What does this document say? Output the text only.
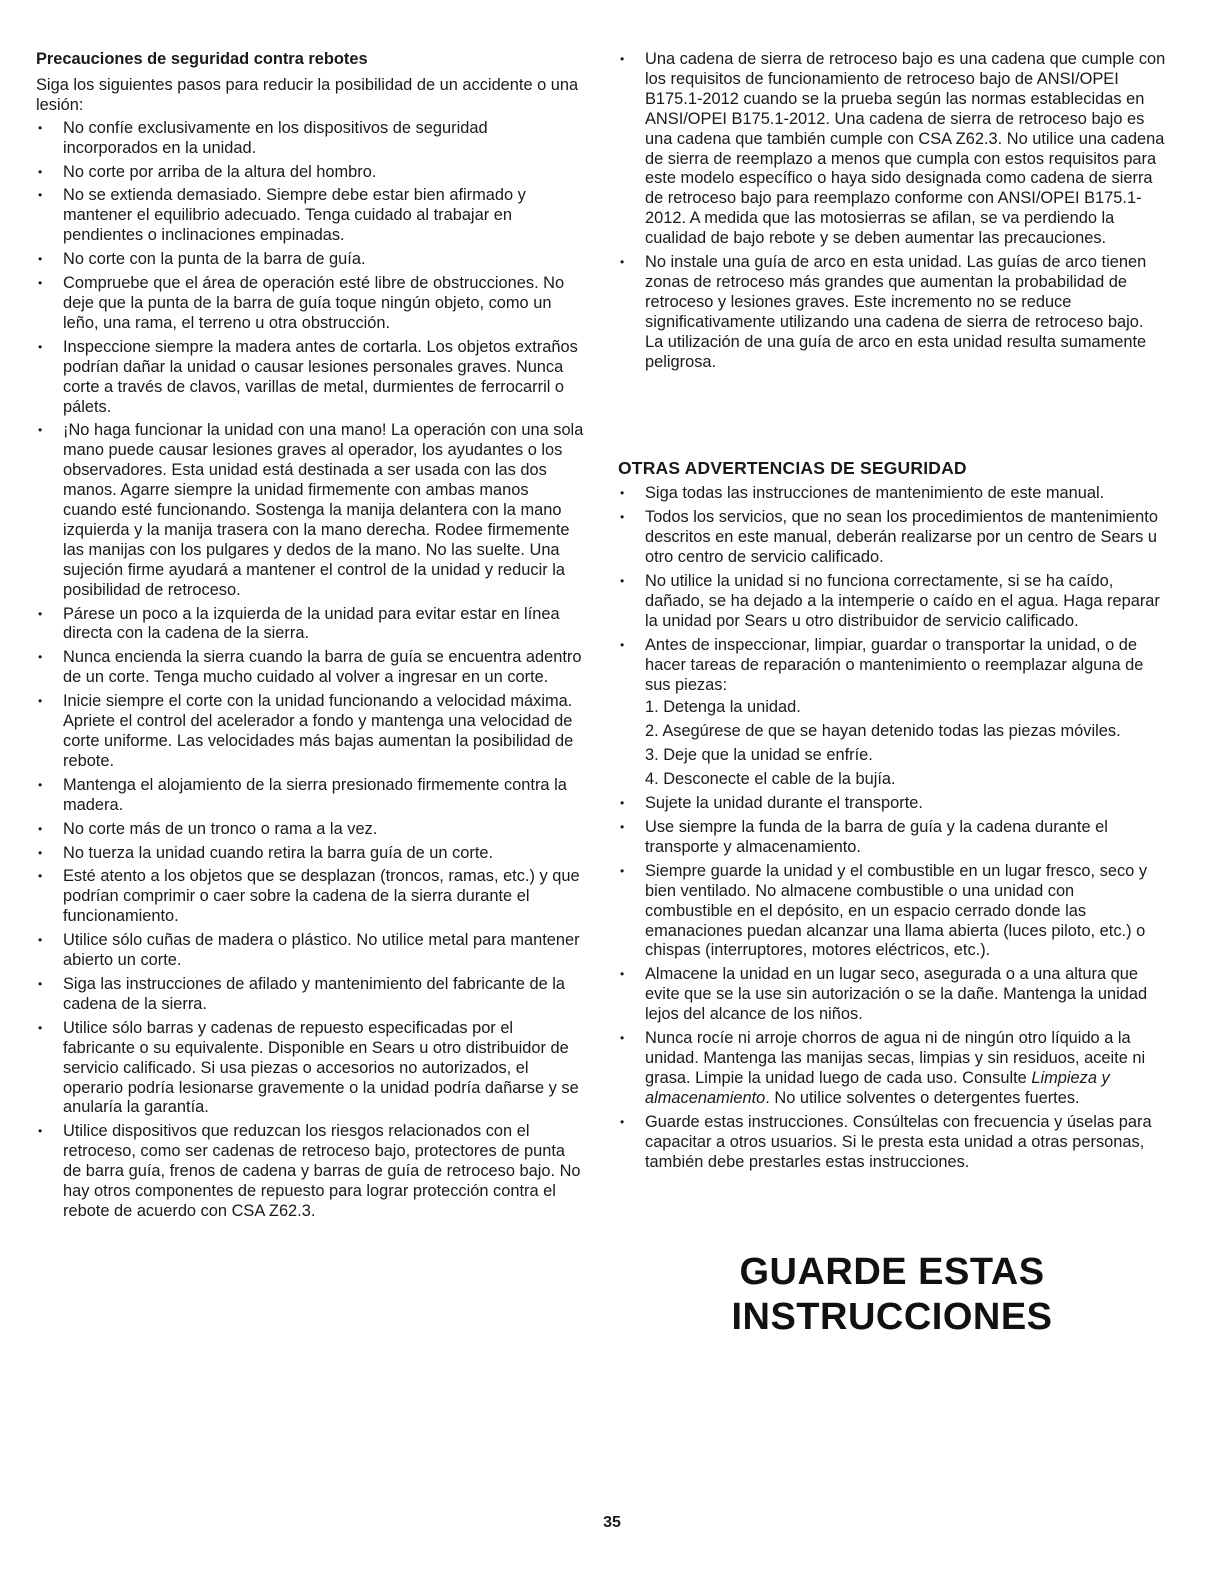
Precauciones de seguridad contra rebotes
Siga los siguientes pasos para reducir la posibilidad de un accidente o una lesión:
• No confíe exclusivamente en los dispositivos de seguridad incorporados en la unidad.
• No corte por arriba de la altura del hombro.
• No se extienda demasiado. Siempre debe estar bien afirmado y mantener el equilibrio adecuado. Tenga cuidado al trabajar en pendientes o inclinaciones empinadas.
• No corte con la punta de la barra de guía.
• Compruebe que el área de operación esté libre de obstrucciones. No deje que la punta de la barra de guía toque ningún objeto, como un leño, una rama, el terreno u otra obstrucción.
• Inspeccione siempre la madera antes de cortarla. Los objetos extraños podrían dañar la unidad o causar lesiones personales graves. Nunca corte a través de clavos, varillas de metal, durmientes de ferrocarril o pálets.
• ¡No haga funcionar la unidad con una mano! La operación con una sola mano puede causar lesiones graves al operador, los ayudantes o los observadores. Esta unidad está destinada a ser usada con las dos manos. Agarre siempre la unidad firmemente con ambas manos cuando esté funcionando. Sostenga la manija delantera con la mano izquierda y la manija trasera con la mano derecha. Rodee firmemente las manijas con los pulgares y dedos de la mano. No las suelte. Una sujeción firme ayudará a mantener el control de la unidad y reducir la posibilidad de retroceso.
• Párese un poco a la izquierda de la unidad para evitar estar en línea directa con la cadena de la sierra.
• Nunca encienda la sierra cuando la barra de guía se encuentra adentro de un corte. Tenga mucho cuidado al volver a ingresar en un corte.
• Inicie siempre el corte con la unidad funcionando a velocidad máxima. Apriete el control del acelerador a fondo y mantenga una velocidad de corte uniforme. Las velocidades más bajas aumentan la posibilidad de rebote.
• Mantenga el alojamiento de la sierra presionado firmemente contra la madera.
• No corte más de un tronco o rama a la vez.
• No tuerza la unidad cuando retira la barra guía de un corte.
• Esté atento a los objetos que se desplazan (troncos, ramas, etc.) y que podrían comprimir o caer sobre la cadena de la sierra durante el funcionamiento.
• Utilice sólo cuñas de madera o plástico. No utilice metal para mantener abierto un corte.
• Siga las instrucciones de afilado y mantenimiento del fabricante de la cadena de la sierra.
• Utilice sólo barras y cadenas de repuesto especificadas por el fabricante o su equivalente. Disponible en Sears u otro distribuidor de servicio calificado. Si usa piezas o accesorios no autorizados, el operario podría lesionarse gravemente o la unidad podría dañarse y se anularía la garantía.
• Utilice dispositivos que reduzcan los riesgos relacionados con el retroceso, como ser cadenas de retroceso bajo, protectores de punta de barra guía, frenos de cadena y barras de guía de retroceso bajo. No hay otros componentes de repuesto para lograr protección contra el rebote de acuerdo con CSA Z62.3.
• Una cadena de sierra de retroceso bajo es una cadena que cumple con los requisitos de funcionamiento de retroceso bajo de ANSI/OPEI B175.1-2012 cuando se la prueba según las normas establecidas en ANSI/OPEI B175.1-2012. Una cadena de sierra de retroceso bajo es una cadena que también cumple con CSA Z62.3. No utilice una cadena de sierra de reemplazo a menos que cumpla con estos requisitos para este modelo específico o haya sido designada como cadena de sierra de retroceso bajo para reemplazo conforme con ANSI/OPEI B175.1-2012. A medida que las motosierras se afilan, se va perdiendo la cualidad de bajo rebote y se deben aumentar las precauciones.
• No instale una guía de arco en esta unidad. Las guías de arco tienen zonas de retroceso más grandes que aumentan la probabilidad de retroceso y lesiones graves. Este incremento no se reduce significativamente utilizando una cadena de sierra de retroceso bajo. La utilización de una guía de arco en esta unidad resulta sumamente peligrosa.
OTRAS ADVERTENCIAS DE SEGURIDAD
• Siga todas las instrucciones de mantenimiento de este manual.
• Todos los servicios, que no sean los procedimientos de mantenimiento descritos en este manual, deberán realizarse por un centro de Sears u otro centro de servicio calificado.
• No utilice la unidad si no funciona correctamente, si se ha caído, dañado, se ha dejado a la intemperie o caído en el agua. Haga reparar la unidad por Sears u otro distribuidor de servicio calificado.
• Antes de inspeccionar, limpiar, guardar o transportar la unidad, o de hacer tareas de reparación o mantenimiento o reemplazar alguna de sus piezas:
1. Detenga la unidad.
2. Asegúrese de que se hayan detenido todas las piezas móviles.
3. Deje que la unidad se enfríe.
4. Desconecte el cable de la bujía.
• Sujete la unidad durante el transporte.
• Use siempre la funda de la barra de guía y la cadena durante el transporte y almacenamiento.
• Siempre guarde la unidad y el combustible en un lugar fresco, seco y bien ventilado. No almacene combustible o una unidad con combustible en el depósito, en un espacio cerrado donde las emanaciones puedan alcanzar una llama abierta (luces piloto, etc.) o chispas (interruptores, motores eléctricos, etc.).
• Almacene la unidad en un lugar seco, asegurada o a una altura que evite que se la use sin autorización o se la dañe. Mantenga la unidad lejos del alcance de los niños.
• Nunca rocíe ni arroje chorros de agua ni de ningún otro líquido a la unidad. Mantenga las manijas secas, limpias y sin residuos, aceite ni grasa. Limpie la unidad luego de cada uso. Consulte Limpieza y almacenamiento. No utilice solventes o detergentes fuertes.
• Guarde estas instrucciones. Consúltelas con frecuencia y úselas para capacitar a otros usuarios. Si le presta esta unidad a otras personas, también debe prestarles estas instrucciones.
GUARDE ESTAS
INSTRUCCIONES
35
